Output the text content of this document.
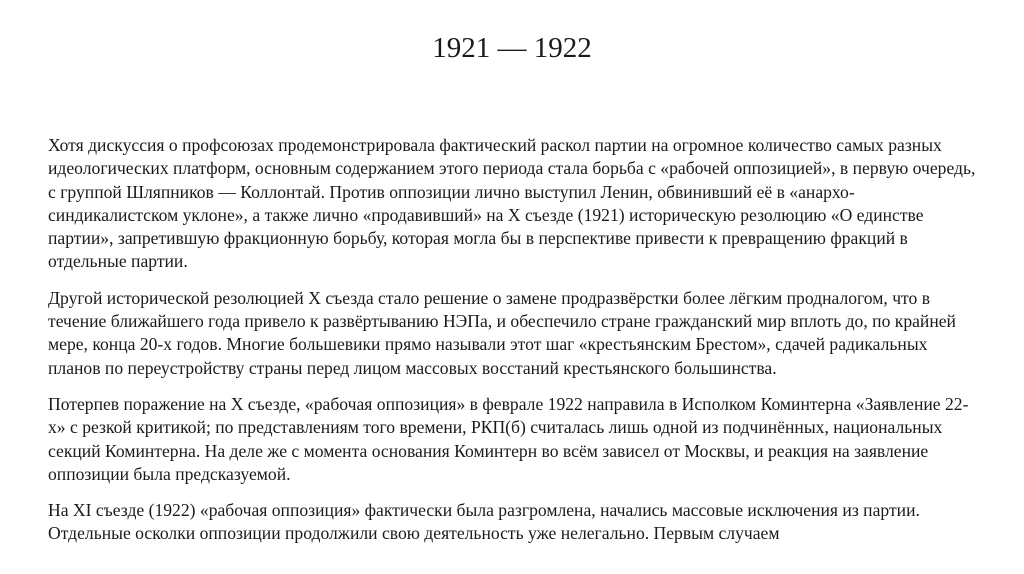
1921 — 1922

Хотя дискуссия о профсоюзах продемонстрировала фактический раскол партии на огромное количество самых разных идеологических платформ, основным содержанием этого периода стала борьба с «рабочей оппозицией», в первую очередь, с группой Шляпников — Коллонтай. Против оппозиции лично выступил Ленин, обвинивший её в «анархо-синдикалистском уклоне», а также лично «продавивший» на X съезде (1921) историческую резолюцию «О единстве партии», запретившую фракционную борьбу, которая могла бы в перспективе привести к превращению фракций в отдельные партии.

Другой исторической резолюцией X съезда стало решение о замене продразвёрстки более лёгким продналогом, что в течение ближайшего года привело к развёртыванию НЭПа, и обеспечило стране гражданский мир вплоть до, по крайней мере, конца 20-х годов. Многие большевики прямо называли этот шаг «крестьянским Брестом», сдачей радикальных планов по переустройству страны перед лицом массовых восстаний крестьянского большинства.

Потерпев поражение на X съезде, «рабочая оппозиция» в феврале 1922 направила в Исполком Коминтерна «Заявление 22-х» с резкой критикой; по представлениям того времени, РКП(б) считалась лишь одной из подчинённых, национальных секций Коминтерна. На деле же с момента основания Коминтерн во всём зависел от Москвы, и реакция на заявление оппозиции была предсказуемой.

На XI съезде (1922) «рабочая оппозиция» фактически была разгромлена, начались массовые исключения из партии. Отдельные осколки оппозиции продолжили свою деятельность уже нелегально. Первым случаем
